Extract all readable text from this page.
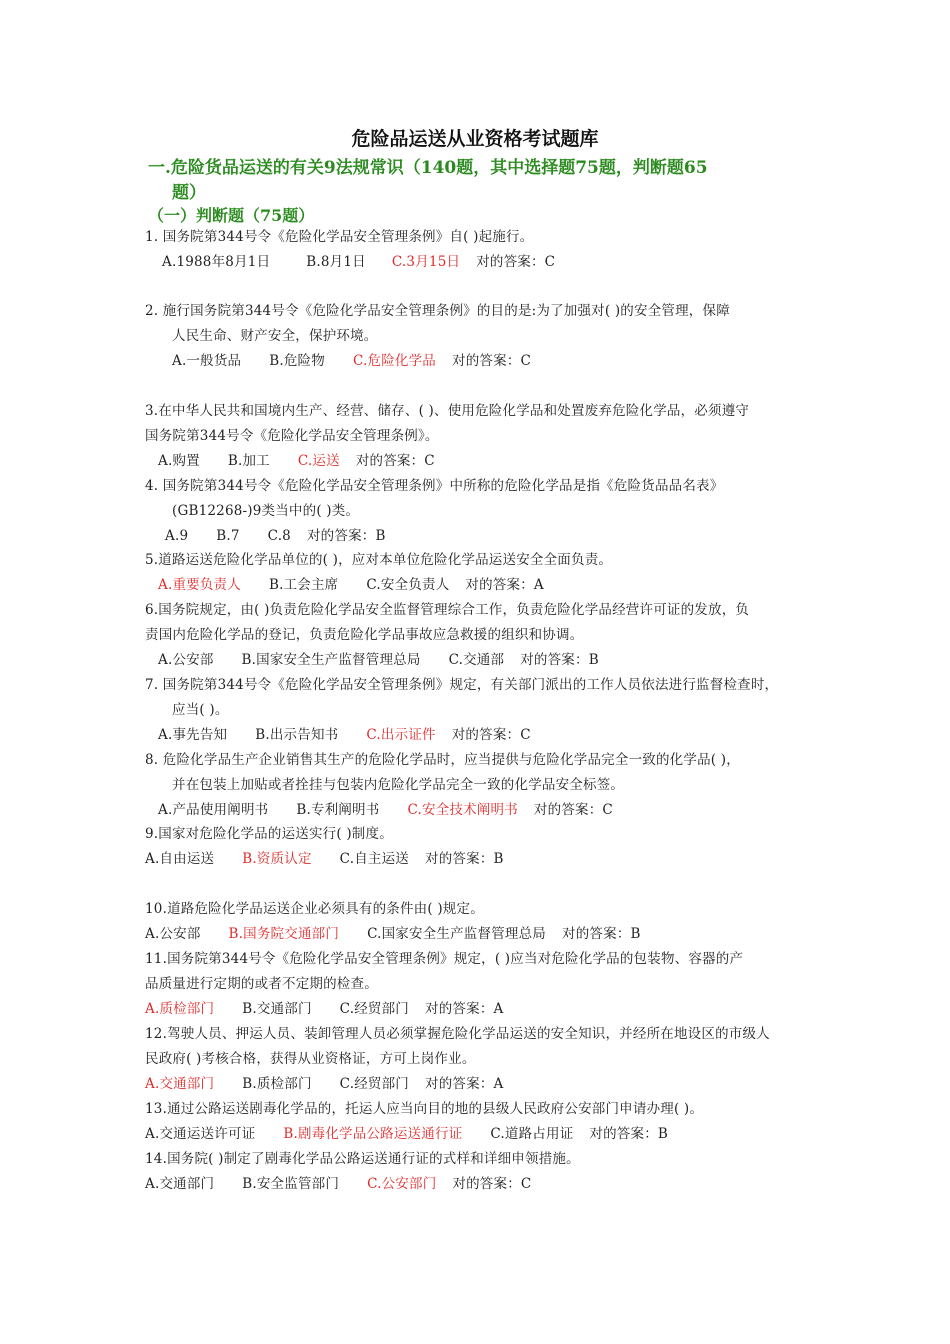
危险品运送从业资格考试题库
一.危险货品运送的有关9法规常识（140题，其中选择题75题，判断题65
题）
（一）判断题（75题）
1. 国务院第344号令《危险化学品安全管理条例》自( )起施行。
A.1988年8月1日	B.8月1日 C.3月15日 对的答案：C
2. 施行国务院第344号令《危险化学品安全管理条例》的目的是:为了加强对( )的安全管理，保障
人民生命、财产安全，保护环境。
A.一般货品 B.危险物 C.危险化学品 对的答案：C
3.在中华人民共和国境内生产、经营、储存、( )、使用危险化学品和处置废弃危险化学品，必须遵守
国务院第344号令《危险化学品安全管理条例》。
A.购置 B.加工 C.运送 对的答案：C
4. 国务院第344号令《危险化学品安全管理条例》中所称的危险化学品是指《危险货品品名表》
(GB12268-)9类当中的( )类。
A.9 B.7 C.8 对的答案：B
5.道路运送危险化学品单位的( )，应对本单位危险化学品运送安全全面负责。
A.重要负责人 B.工会主席 C.安全负责人 对的答案：A
6.国务院规定，由( )负责危险化学品安全监督管理综合工作，负责危险化学品经营许可证的发放，负
责国内危险化学品的登记，负责危险化学品事故应急救援的组织和协调。
A.公安部 B.国家安全生产监督管理总局 C.交通部 对的答案：B
7. 国务院第344号令《危险化学品安全管理条例》规定，有关部门派出的工作人员依法进行监督检查时，
应当( )。
A.事先告知 B.出示告知书 C.出示证件 对的答案：C
8. 危险化学品生产企业销售其生产的危险化学品时，应当提供与危险化学品完全一致的化学品( )，
并在包装上加贴或者拴挂与包装内危险化学品完全一致的化学品安全标签。
A.产品使用阐明书 B.专利阐明书 C.安全技术阐明书 对的答案：C
9.国家对危险化学品的运送实行( )制度。
A.自由运送 B.资质认定 C.自主运送 对的答案：B
10.道路危险化学品运送企业必须具有的条件由( )规定。
A.公安部 B.国务院交通部门 C.国家安全生产监督管理总局 对的答案：B
11.国务院第344号令《危险化学品安全管理条例》规定，( )应当对危险化学品的包装物、容器的产
品质量进行定期的或者不定期的检查。
A.质检部门 B.交通部门 C.经贸部门 对的答案：A
12.驾驶人员、押运人员、装卸管理人员必须掌握危险化学品运送的安全知识，并经所在地设区的市级人
民政府( )考核合格，获得从业资格证，方可上岗作业。
A.交通部门 B.质检部门 C.经贸部门 对的答案：A
13.通过公路运送剧毒化学品的，托运人应当向目的地的县级人民政府公安部门申请办理( )。
A.交通运送许可证 B.剧毒化学品公路运送通行证 C.道路占用证 对的答案：B
14.国务院( )制定了剧毒化学品公路运送通行证的式样和详细申领措施。
A.交通部门 B.安全监管部门 C.公安部门 对的答案：C
